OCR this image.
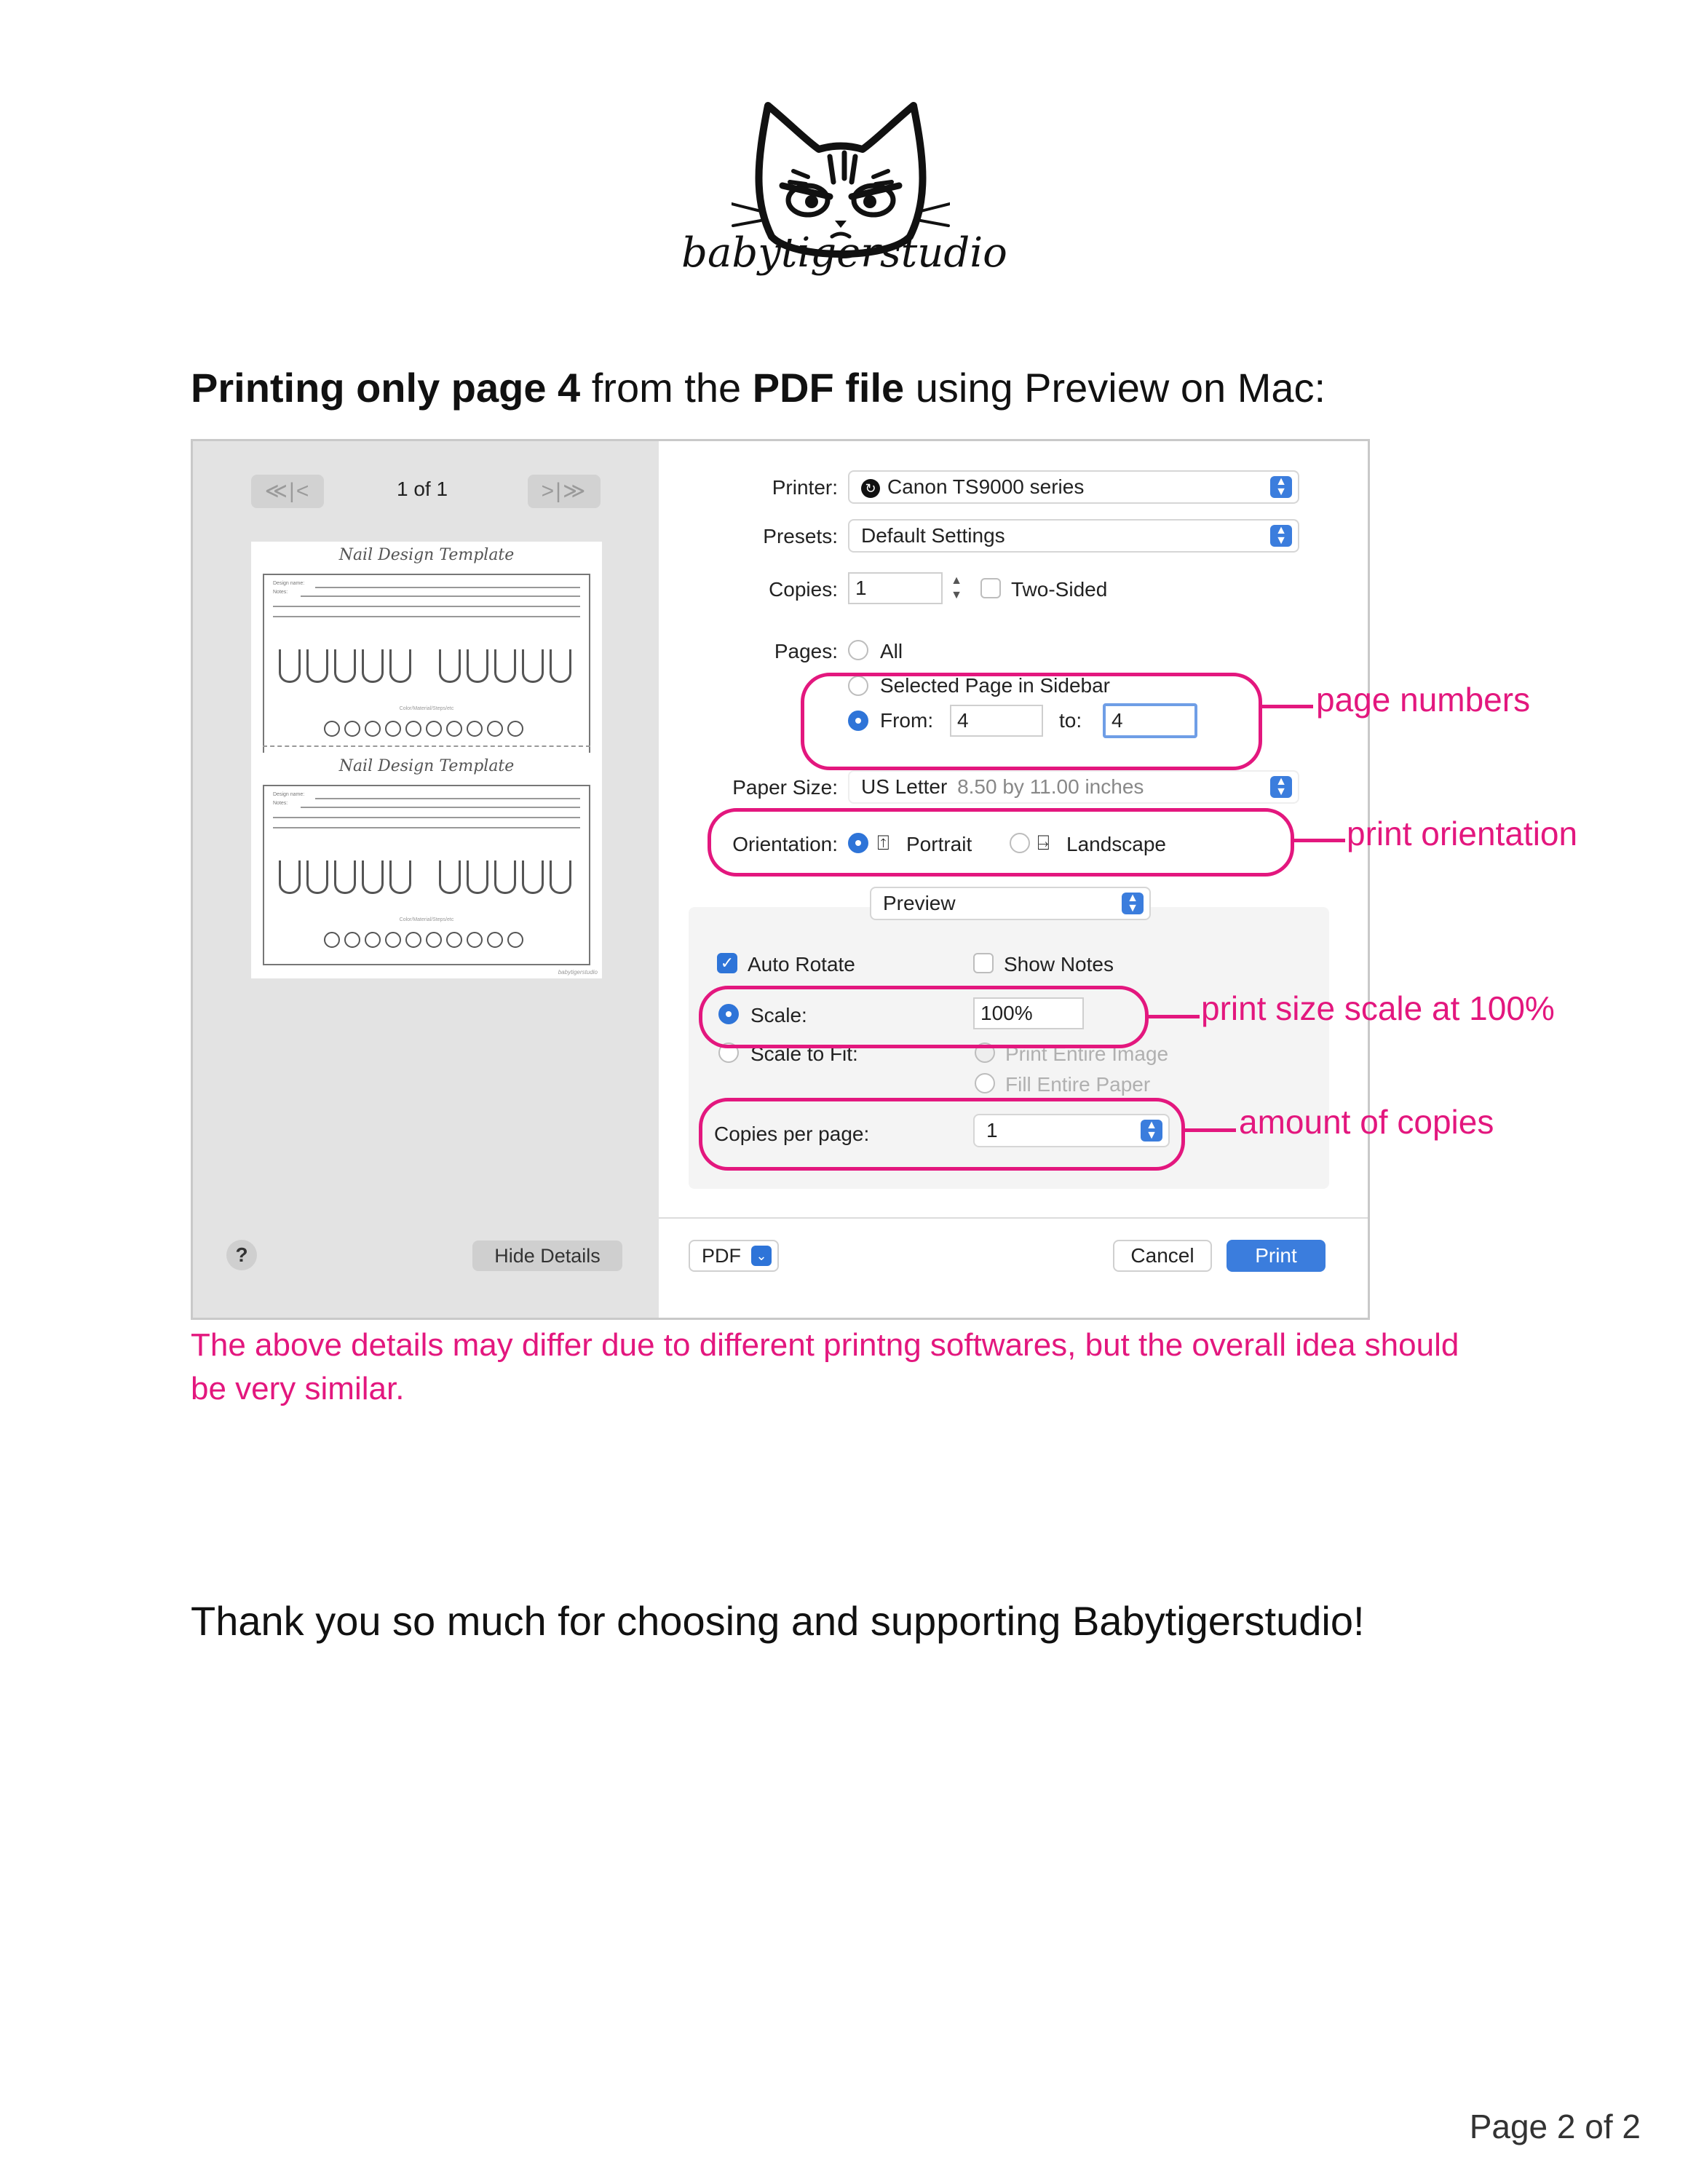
babytigerstudio
Printing only page 4 from the PDF file using Preview on Mac:
≪|<	1 of 1	>|≫
Nail Design Template
Design name:
Notes:
Color/Material/Steps/etc
Nail Design Template
Design name:
Notes:
Color/Material/Steps/etc
babytigerstudio
?	Hide Details
Printer:	↻ Canon TS9000 series	▲
▼
Presets:	Default Settings	▲
▼
Copies: 1	▲
▼ Two-Sided
Pages: All
Selected Page in Sidebar
From:	4	to:	4
Paper Size:	US Letter 8.50 by 11.00 inches	▲
▼
Orientation: ⍐ Portrait	⍈ Landscape
Preview	▲
▼
✓ Auto Rotate	Show Notes
Scale:	100%
Scale to Fit:	Print Entire Image
Fill Entire Paper
Copies per page:	1	▲
▼
PDF	⌄	Cancel	Print
page numbers
print orientation
print size scale at 100%
amount of copies
The above details may differ due to different printng softwares, but the overall idea should be very similar.
Thank you so much for choosing and supporting Babytigerstudio!
Page 2 of 2
